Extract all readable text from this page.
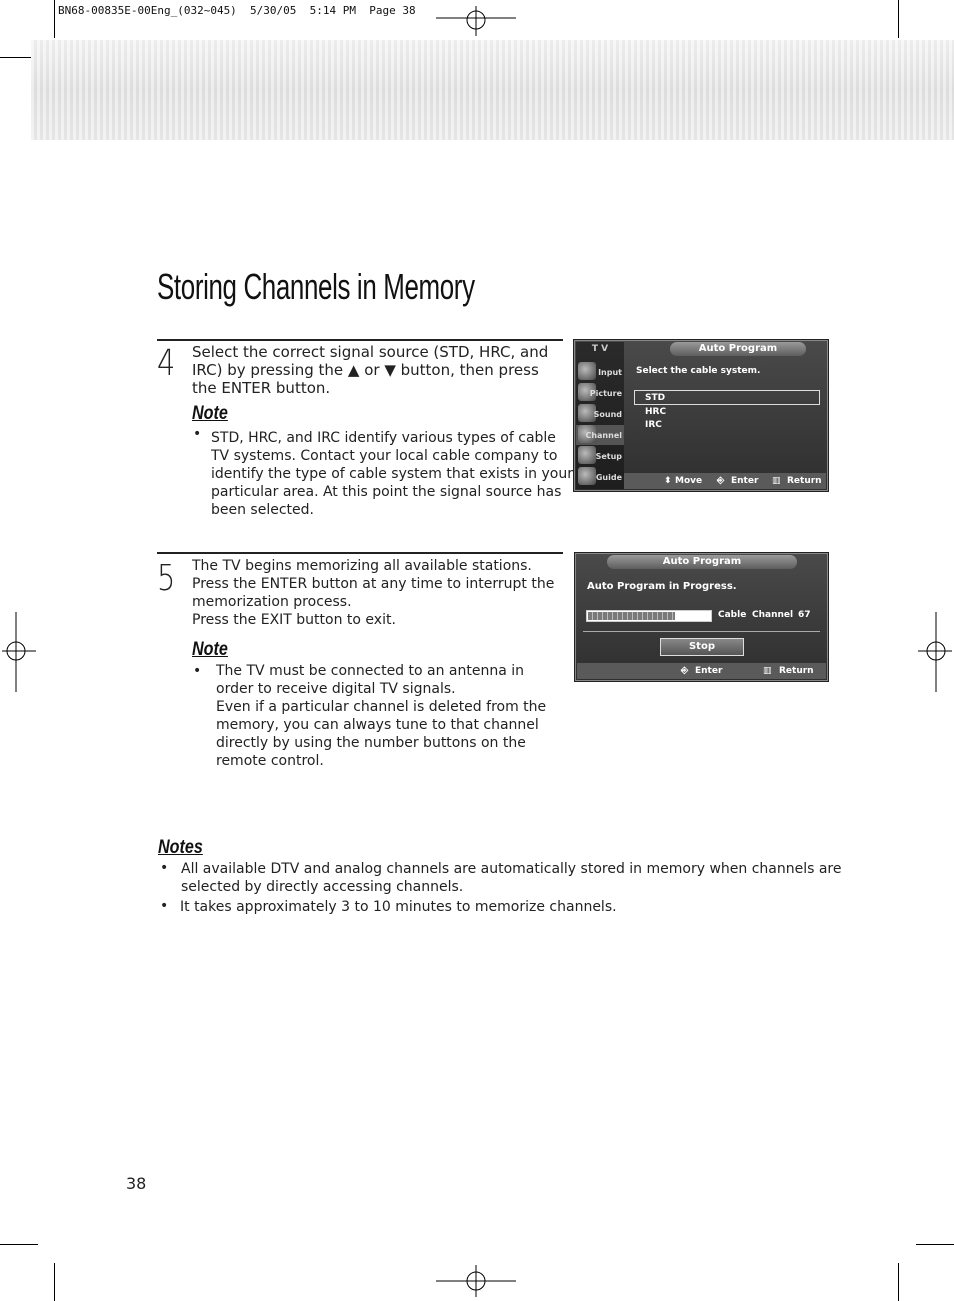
BN68-00835E-00Eng_(032~045)  5/30/05  5:14 PM  Page 38
Storing Channels in Memory
4 Select the correct signal source (STD, HRC, and
IRC) by pressing the ▲ or ▼ button, then press
the ENTER button.
Note
• STD, HRC, and IRC identify various types of cable
TV systems. Contact your local cable company to
identify the type of cable system that exists in your
particular area. At this point the signal source has
been selected.
T V
Input
Picture
Sound
Channel
Setup
Guide
Auto Program
Select the cable system.
STD
HRC
IRC
⬍ Move ⎆ Enter ▥ Return
5 The TV begins memorizing all available stations.
Press the ENTER button at any time to interrupt the
memorization process.
Press the EXIT button to exit.
Note
• The TV must be connected to an antenna in
order to receive digital TV signals.
Even if a particular channel is deleted from the
memory, you can always tune to that channel
directly by using the number buttons on the
remote control.
Auto Program
Auto Program in Progress.
Cable Channel 67
Stop
⎆ Enter	▥ Return
Notes
• All available DTV and analog channels are automatically stored in memory when channels are
selected by directly accessing channels.
• It takes approximately 3 to 10 minutes to memorize channels.
38
